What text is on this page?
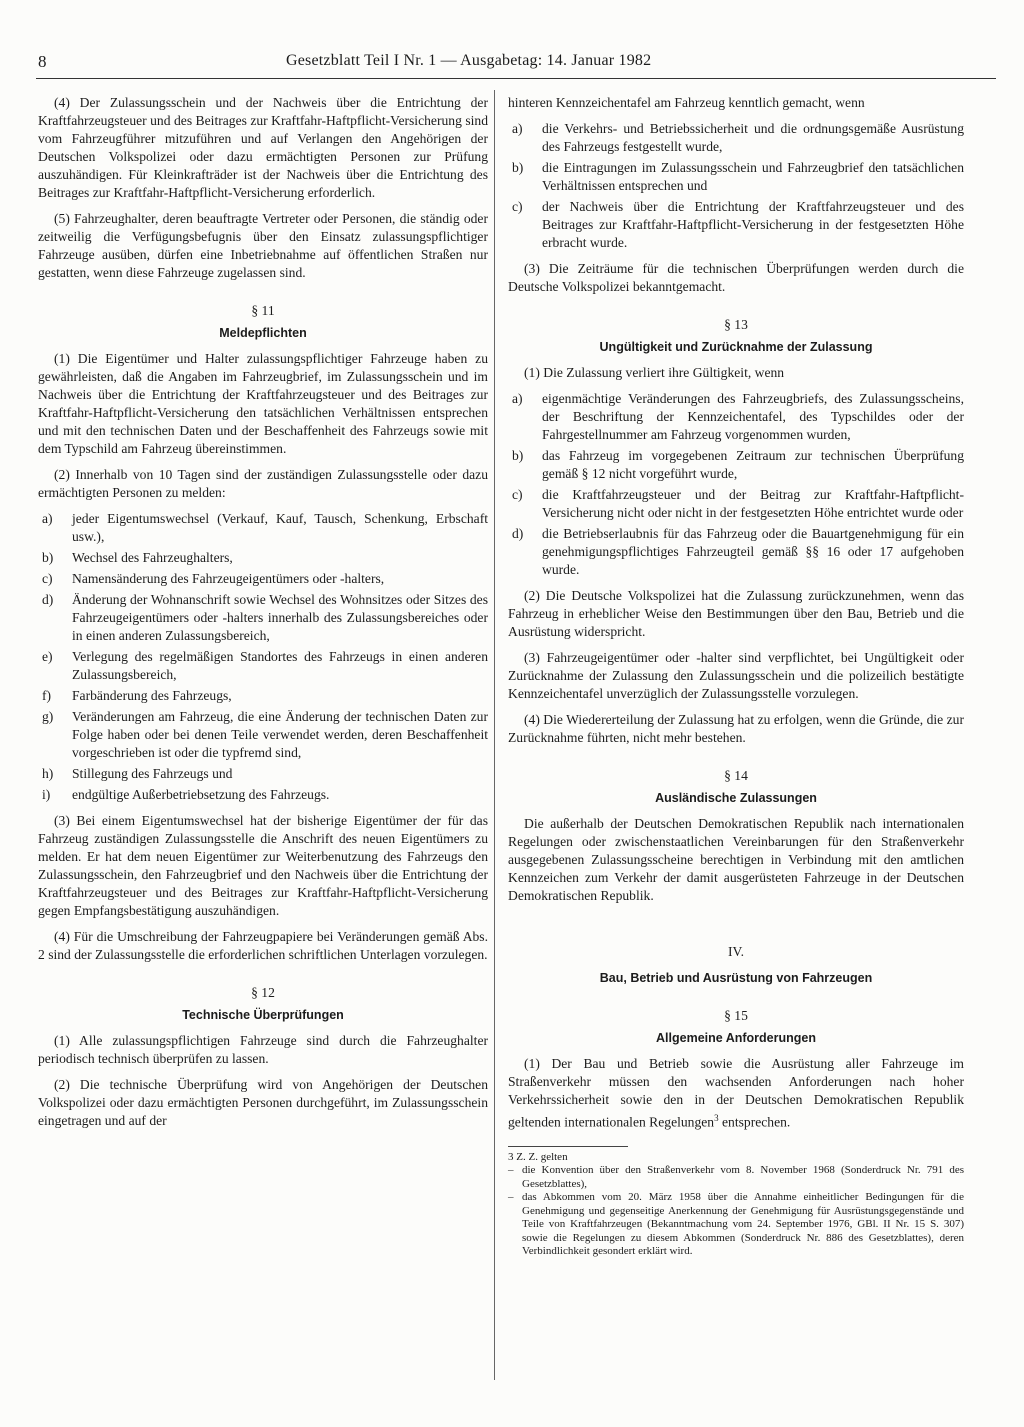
8	Gesetzblatt Teil I Nr. 1 — Ausgabetag: 14. Januar 1982

(4) Der Zulassungsschein und der Nachweis über die Entrichtung der Kraftfahrzeugsteuer und des Beitrages zur Kraftfahr-Haftpflicht-Versicherung sind vom Fahrzeugführer mitzuführen und auf Verlangen den Angehörigen der Deutschen Volkspolizei oder dazu ermächtigten Personen zur Prüfung auszuhändigen. Für Kleinkrafträder ist der Nachweis über die Entrichtung des Beitrages zur Kraftfahr-Haftpflicht-Versicherung erforderlich.

(5) Fahrzeughalter, deren beauftragte Vertreter oder Personen, die ständig oder zeitweilig die Verfügungsbefugnis über den Einsatz zulassungspflichtiger Fahrzeuge ausüben, dürfen eine Inbetriebnahme auf öffentlichen Straßen nur gestatten, wenn diese Fahrzeuge zugelassen sind.

§ 11
Meldepflichten

(1) Die Eigentümer und Halter zulassungspflichtiger Fahrzeuge haben zu gewährleisten, daß die Angaben im Fahrzeugbrief, im Zulassungsschein und im Nachweis über die Entrichtung der Kraftfahrzeugsteuer und des Beitrages zur Kraftfahr-Haftpflicht-Versicherung den tatsächlichen Verhältnissen entsprechen und mit den technischen Daten und der Beschaffenheit des Fahrzeugs sowie mit dem Typschild am Fahrzeug übereinstimmen.

(2) Innerhalb von 10 Tagen sind der zuständigen Zulassungsstelle oder dazu ermächtigten Personen zu melden:

a)	jeder Eigentumswechsel (Verkauf, Kauf, Tausch, Schenkung, Erbschaft usw.),
b)	Wechsel des Fahrzeughalters,
c)	Namensänderung des Fahrzeugeigentümers oder -halters,
d)	Änderung der Wohnanschrift sowie Wechsel des Wohnsitzes oder Sitzes des Fahrzeugeigentümers oder -halters innerhalb des Zulassungsbereiches oder in einen anderen Zulassungsbereich,
e)	Verlegung des regelmäßigen Standortes des Fahrzeugs in einen anderen Zulassungsbereich,
f)	Farbänderung des Fahrzeugs,
g)	Veränderungen am Fahrzeug, die eine Änderung der technischen Daten zur Folge haben oder bei denen Teile verwendet werden, deren Beschaffenheit vorgeschrieben ist oder die typfremd sind,
h)	Stillegung des Fahrzeugs und
i)	endgültige Außerbetriebsetzung des Fahrzeugs.

(3) Bei einem Eigentumswechsel hat der bisherige Eigentümer der für das Fahrzeug zuständigen Zulassungsstelle die Anschrift des neuen Eigentümers zu melden. Er hat dem neuen Eigentümer zur Weiterbenutzung des Fahrzeugs den Zulassungsschein, den Fahrzeugbrief und den Nachweis über die Entrichtung der Kraftfahrzeugsteuer und des Beitrages zur Kraftfahr-Haftpflicht-Versicherung gegen Empfangsbestätigung auszuhändigen.

(4) Für die Umschreibung der Fahrzeugpapiere bei Veränderungen gemäß Abs. 2 sind der Zulassungsstelle die erforderlichen schriftlichen Unterlagen vorzulegen.

§ 12
Technische Überprüfungen

(1) Alle zulassungspflichtigen Fahrzeuge sind durch die Fahrzeughalter periodisch technisch überprüfen zu lassen.

(2) Die technische Überprüfung wird von Angehörigen der Deutschen Volkspolizei oder dazu ermächtigten Personen durchgeführt, im Zulassungsschein eingetragen und auf der

hinteren Kennzeichentafel am Fahrzeug kenntlich gemacht, wenn

a)	die Verkehrs- und Betriebssicherheit und die ordnungsgemäße Ausrüstung des Fahrzeugs festgestellt wurde,
b)	die Eintragungen im Zulassungsschein und Fahrzeugbrief den tatsächlichen Verhältnissen entsprechen und
c)	der Nachweis über die Entrichtung der Kraftfahrzeugsteuer und des Beitrages zur Kraftfahr-Haftpflicht-Versicherung in der festgesetzten Höhe erbracht wurde.

(3) Die Zeiträume für die technischen Überprüfungen werden durch die Deutsche Volkspolizei bekanntgemacht.

§ 13
Ungültigkeit und Zurücknahme der Zulassung

(1) Die Zulassung verliert ihre Gültigkeit, wenn

a)	eigenmächtige Veränderungen des Fahrzeugbriefs, des Zulassungsscheins, der Beschriftung der Kennzeichentafel, des Typschildes oder der Fahrgestellnummer am Fahrzeug vorgenommen wurden,
b)	das Fahrzeug im vorgegebenen Zeitraum zur technischen Überprüfung gemäß § 12 nicht vorgeführt wurde,
c)	die Kraftfahrzeugsteuer und der Beitrag zur Kraftfahr-Haftpflicht-Versicherung nicht oder nicht in der festgesetzten Höhe entrichtet wurde oder
d)	die Betriebserlaubnis für das Fahrzeug oder die Bauartgenehmigung für ein genehmigungspflichtiges Fahrzeugteil gemäß §§ 16 oder 17 aufgehoben wurde.

(2) Die Deutsche Volkspolizei hat die Zulassung zurückzunehmen, wenn das Fahrzeug in erheblicher Weise den Bestimmungen über den Bau, Betrieb und die Ausrüstung widerspricht.

(3) Fahrzeugeigentümer oder -halter sind verpflichtet, bei Ungültigkeit oder Zurücknahme der Zulassung den Zulassungsschein und die polizeilich bestätigte Kennzeichentafel unverzüglich der Zulassungsstelle vorzulegen.

(4) Die Wiedererteilung der Zulassung hat zu erfolgen, wenn die Gründe, die zur Zurücknahme führten, nicht mehr bestehen.

§ 14
Ausländische Zulassungen

Die außerhalb der Deutschen Demokratischen Republik nach internationalen Regelungen oder zwischenstaatlichen Vereinbarungen für den Straßenverkehr ausgegebenen Zulassungsscheine berechtigen in Verbindung mit den amtlichen Kennzeichen zum Verkehr der damit ausgerüsteten Fahrzeuge in der Deutschen Demokratischen Republik.

IV.
Bau, Betrieb und Ausrüstung von Fahrzeugen
§ 15
Allgemeine Anforderungen

(1) Der Bau und Betrieb sowie die Ausrüstung aller Fahrzeuge im Straßenverkehr müssen den wachsenden Anforderungen nach hoher Verkehrssicherheit sowie den in der Deutschen Demokratischen Republik geltenden internationalen Regelungen$^3$ entsprechen.

3 Z. Z. gelten
– die Konvention über den Straßenverkehr vom 8. November 1968 (Sonderdruck Nr. 791 des Gesetzblattes),
– das Abkommen vom 20. März 1958 über die Annahme einheitlicher Bedingungen für die Genehmigung und gegenseitige Anerkennung der Genehmigung für Ausrüstungsgegenstände und Teile von Kraftfahrzeugen (Bekanntmachung vom 24. September 1976, GBl. II Nr. 15 S. 307) sowie die Regelungen zu diesem Abkommen (Sonderdruck Nr. 886 des Gesetzblattes), deren Verbindlichkeit gesondert erklärt wird.
